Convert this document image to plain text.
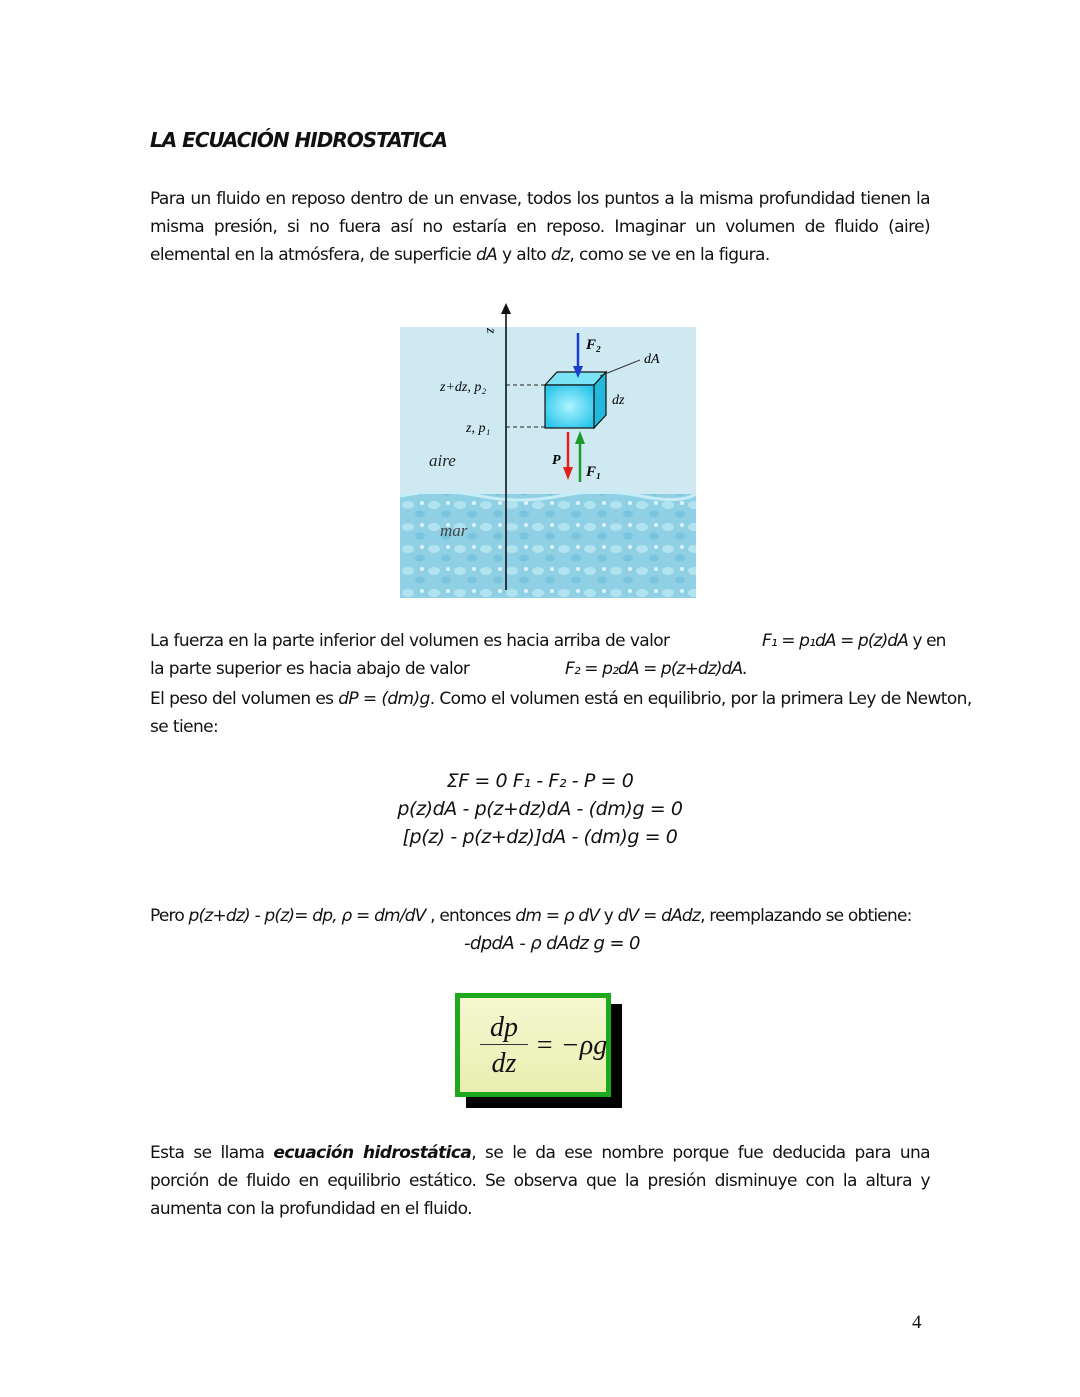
LA ECUACIÓN HIDROSTATICA
Para un fluido en reposo dentro de un envase, todos los puntos a la misma profundidad tienen la misma presión, si no fuera así no estaría en reposo. Imaginar un volumen de fluido (aire) elemental en la atmósfera, de superficie dA y alto dz, como se ve en la figura.
z
z+dz, p₂
z, p₁
F₂
P
F₁
dA
dz
aire
mar
La fuerza en la parte inferior del volumen es hacia arriba de valor	F₁ = p₁dA = p(z)dA y en
la parte superior es hacia abajo de valor	F₂ = p₂dA = p(z+dz)dA.
El peso del volumen es dP = (dm)g. Como el volumen está en equilibrio, por la primera Ley de Newton,
se tiene:
ΣF = 0 F₁ - F₂ - P = 0
p(z)dA - p(z+dz)dA - (dm)g = 0
[p(z) - p(z+dz)]dA - (dm)g = 0
Pero p(z+dz) - p(z)= dp, ρ = dm/dV , entonces dm = ρ dV y dV = dAdz, reemplazando se obtiene:
-dpdA - ρ dAdz g = 0
dp
dz
= −ρg
Esta se llama ecuación hidrostática, se le da ese nombre porque fue deducida para una porción de fluido en equilibrio estático. Se observa que la presión disminuye con la altura y aumenta con la profundidad en el fluido.
4
